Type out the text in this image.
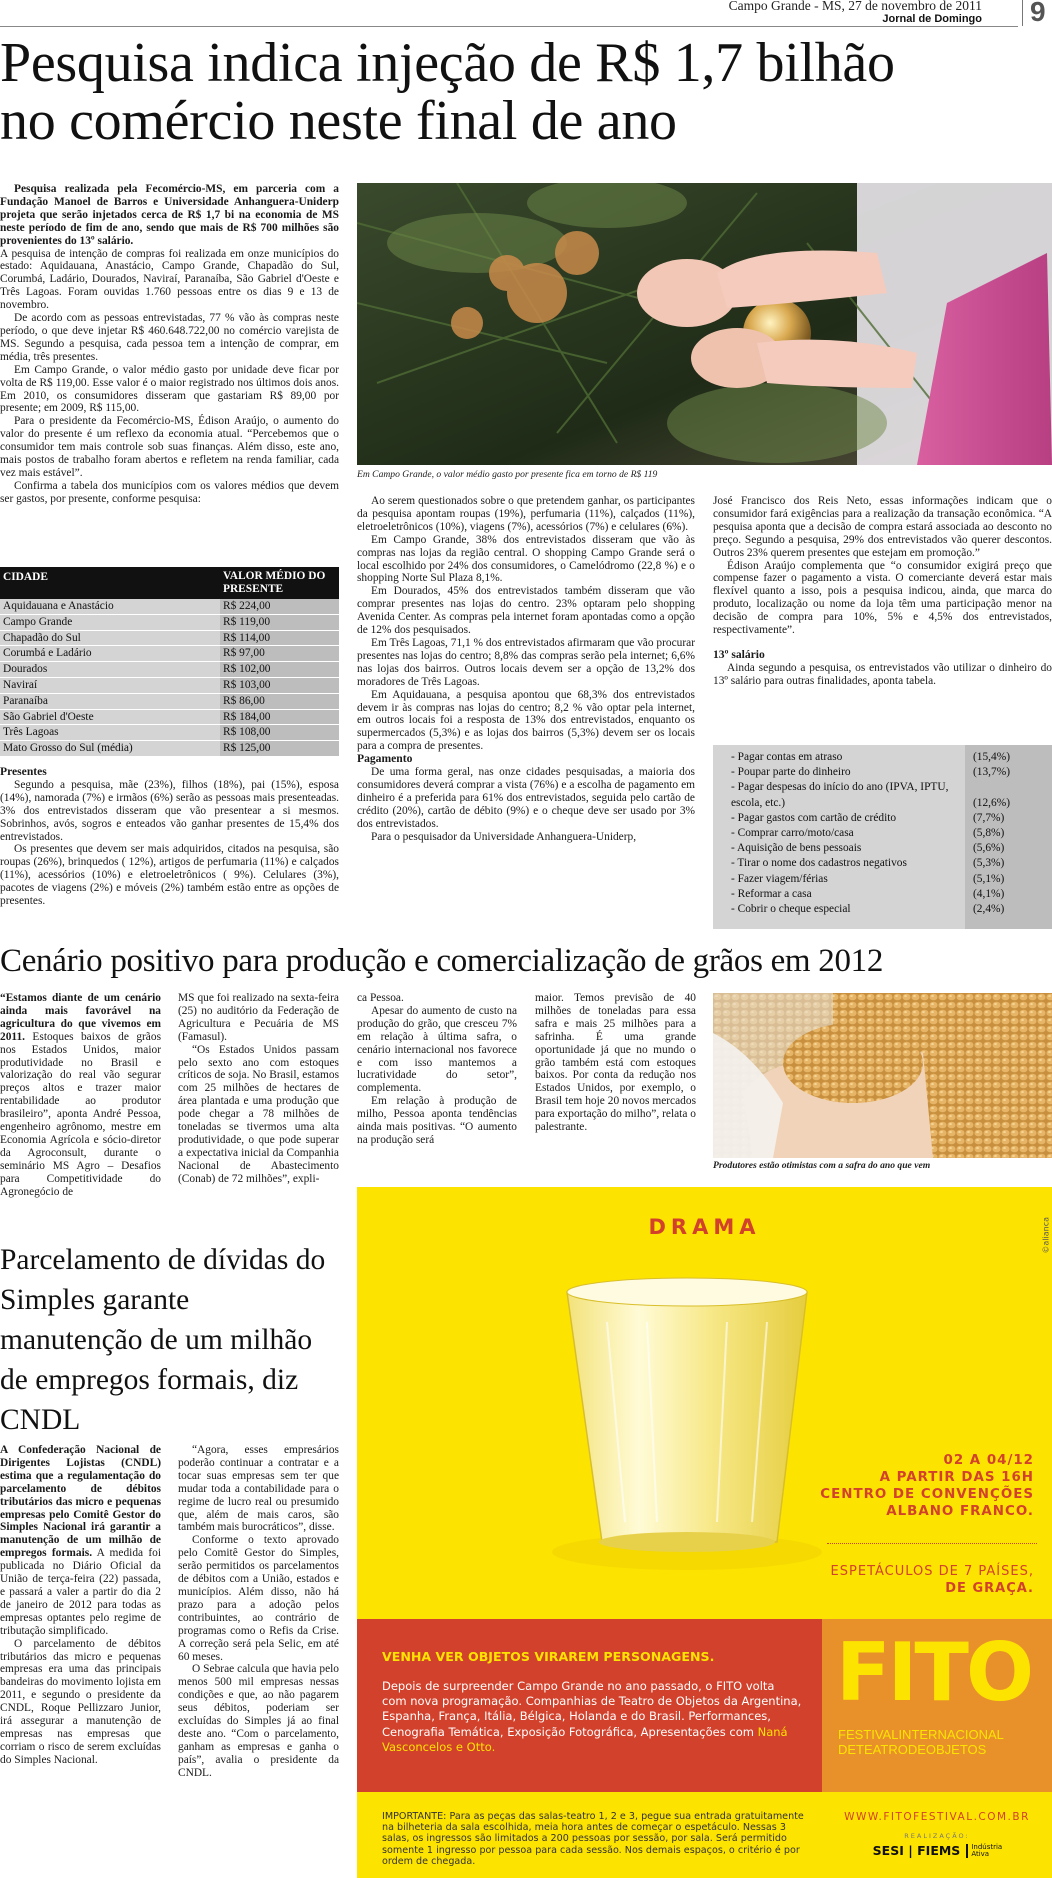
Campo Grande - MS, 27 de novembro de 2011
Jornal de Domingo 9
Pesquisa indica injeção de R$ 1,7 bilhão
no comércio neste final de ano

Pesquisa realizada pela Fecomércio-MS, em parceria com a Fundação Manoel de Barros e Universidade Anhanguera-Uniderp projeta que serão injetados cerca de R$ 1,7 bi na economia de MS neste período de fim de ano, sendo que mais de R$ 700 milhões são provenientes do 13º salário.

A pesquisa de intenção de compras foi realizada em onze municípios do estado: Aquidauana, Anastácio, Campo Grande, Chapadão do Sul, Corumbá, Ladário, Dourados, Naviraí, Paranaíba, São Gabriel d'Oeste e Três Lagoas. Foram ouvidas 1.760 pessoas entre os dias 9 e 13 de novembro.

De acordo com as pessoas entrevistadas, 77 % vão às compras neste período, o que deve injetar R$ 460.648.722,00 no comércio varejista de MS. Segundo a pesquisa, cada pessoa tem a intenção de comprar, em média, três presentes.

Em Campo Grande, o valor médio gasto por unidade deve ficar por volta de R$ 119,00. Esse valor é o maior registrado nos últimos dois anos. Em 2010, os consumidores disseram que gastariam R$ 89,00 por presente; em 2009, R$ 115,00.

Para o presidente da Fecomércio-MS, Édison Araújo, o aumento do valor do presente é um reflexo da economia atual. “Percebemos que o consumidor tem mais controle sob suas finanças. Além disso, este ano, mais postos de trabalho foram abertos e refletem na renda familiar, cada vez mais estável”.

Confirma a tabela dos municípios com os valores médios que devem ser gastos, por presente, conforme pesquisa:

CIDADE	VALOR MÉDIO DO PRESENTE
Aquidauana e Anastácio	R$ 224,00
Campo Grande	R$ 119,00
Chapadão do Sul	R$ 114,00
Corumbá e Ladário	R$ 97,00
Dourados	R$ 102,00
Naviraí	R$ 103,00
Paranaíba	R$ 86,00
São Gabriel d'Oeste	R$ 184,00
Três Lagoas	R$ 108,00
Mato Grosso do Sul (média)	R$ 125,00

Presentes

Segundo a pesquisa, mãe (23%), filhos (18%), pai (15%), esposa (14%), namorada (7%) e irmãos (6%) serão as pessoas mais presenteadas. 3% dos entrevistados disseram que vão presentear a si mesmos. Sobrinhos, avós, sogros e enteados vão ganhar presentes de 15,4% dos entrevistados.

Os presentes que devem ser mais adquiridos, citados na pesquisa, são roupas (26%), brinquedos ( 12%), artigos de perfumaria (11%) e calçados (11%), acessórios (10%) e eletroeletrônicos ( 9%). Celulares (3%), pacotes de viagens (2%) e móveis (2%) também estão entre as opções de presentes.

Em Campo Grande, o valor médio gasto por presente fica em torno de R$ 119

Ao serem questionados sobre o que pretendem ganhar, os participantes da pesquisa apontam roupas (19%), perfumaria (11%), calçados (11%), eletroeletrônicos (10%), viagens (7%), acessórios (7%) e celulares (6%).

Em Campo Grande, 38% dos entrevistados disseram que vão às compras nas lojas da região central. O shopping Campo Grande será o local escolhido por 24% dos consumidores, o Camelódromo (22,8 %) e o shopping Norte Sul Plaza 8,1%.

Em Dourados, 45% dos entrevistados também disseram que vão comprar presentes nas lojas do centro. 23% optaram pelo shopping Avenida Center. As compras pela internet foram apontadas como a opção de 12% dos pesquisados.

Em Três Lagoas, 71,1 % dos entrevistados afirmaram que vão procurar presentes nas lojas do centro; 8,8% das compras serão pela internet; 6,6% nas lojas dos bairros. Outros locais devem ser a opção de 13,2% dos moradores de Três Lagoas.

Em Aquidauana, a pesquisa apontou que 68,3% dos entrevistados devem ir às compras nas lojas do centro; 8,2 % vão optar pela internet, em outros locais foi a resposta de 13% dos entrevistados, enquanto os supermercados (5,3%) e as lojas dos bairros (5,3%) devem ser os locais para a compra de presentes.

Pagamento

De uma forma geral, nas onze cidades pesquisadas, a maioria dos consumidores deverá comprar a vista (76%) e a escolha de pagamento em dinheiro é a preferida para 61% dos entrevistados, seguida pelo cartão de crédito (20%), cartão de débito (9%) e o cheque deve ser usado por 3% dos entrevistados.

Para o pesquisador da Universidade Anhanguera-Uniderp,

José Francisco dos Reis Neto, essas informações indicam que o consumidor fará exigências para a realização da transação econômica. “A pesquisa aponta que a decisão de compra estará associada ao desconto no preço. Segundo a pesquisa, 29% dos entrevistados vão querer descontos. Outros 23% querem presentes que estejam em promoção.”

Édison Araújo complementa que “o consumidor exigirá preço que compense fazer o pagamento a vista. O comerciante deverá estar mais flexível quanto a isso, pois a pesquisa indicou, ainda, que marca do produto, localização ou nome da loja têm uma participação menor na decisão de compra para 10%, 5% e 4,5% dos entrevistados, respectivamente”.

13º salário

Ainda segundo a pesquisa, os entrevistados vão utilizar o dinheiro do 13º salário para outras finalidades, aponta tabela.

- Pagar contas em atraso	(15,4%)
- Poupar parte do dinheiro	(13,7%)
- Pagar despesas do início do ano (IPVA, IPTU, escola, etc.)	(12,6%)
- Pagar gastos com cartão de crédito	(7,7%)
- Comprar carro/moto/casa	(5,8%)
- Aquisição de bens pessoais	(5,6%)
- Tirar o nome dos cadastros negativos	(5,3%)
- Fazer viagem/férias	(5,1%)
- Reformar a casa	(4,1%)
- Cobrir o cheque especial	(2,4%)
Cenário positivo para produção e comercialização de grãos em 2012

“Estamos diante de um cenário ainda mais favorável na agricultura do que vivemos em 2011. Estoques baixos de grãos nos Estados Unidos, maior produtividade no Brasil e valorização do real vão segurar preços altos e trazer maior rentabilidade ao produtor brasileiro”, aponta André Pessoa, engenheiro agrônomo, mestre em Economia Agrícola e sócio-diretor da Agroconsult, durante o seminário MS Agro – Desafios para Competitividade do Agronegócio de

MS que foi realizado na sexta-feira (25) no auditório da Federação de Agricultura e Pecuária de MS (Famasul).

“Os Estados Unidos passam pelo sexto ano com estoques críticos de soja. No Brasil, estamos com 25 milhões de hectares de área plantada e uma produção que pode chegar a 78 milhões de toneladas se tivermos uma alta produtividade, o que pode superar a expectativa inicial da Companhia Nacional de Abastecimento (Conab) de 72 milhões”, expli-

ca Pessoa.

Apesar do aumento de custo na produção do grão, que cresceu 7% em relação à última safra, o cenário internacional nos favorece e com isso mantemos a lucratividade do setor”, complementa.

Em relação à produção de milho, Pessoa aponta tendências ainda mais positivas. “O aumento na produção será

maior. Temos previsão de 40 milhões de toneladas para essa safra e mais 25 milhões para a safrinha. É uma grande oportunidade já que no mundo o grão também está com estoques baixos. Por conta da redução nos Estados Unidos, por exemplo, o Brasil tem hoje 20 novos mercados para exportação do milho”, relata o palestrante.

Produtores estão otimistas com a safra do ano que vem
Parcelamento de dívidas do Simples garante manutenção de um milhão de empregos formais, diz CNDL

A Confederação Nacional de Dirigentes Lojistas (CNDL) estima que a regulamentação do parcelamento de débitos tributários das micro e pequenas empresas pelo Comitê Gestor do Simples Nacional irá garantir a manutenção de um milhão de empregos formais. A medida foi publicada no Diário Oficial da União de terça-feira (22) passada, e passará a valer a partir do dia 2 de janeiro de 2012 para todas as empresas optantes pelo regime de tributação simplificado.

O parcelamento de débitos tributários das micro e pequenas empresas era uma das principais bandeiras do movimento lojista em 2011, e segundo o presidente da CNDL, Roque Pellizzaro Junior, irá assegurar a manutenção de empresas nas empresas que corriam o risco de serem excluídas do Simples Nacional.

“Agora, esses empresários poderão continuar a contratar e a tocar suas empresas sem ter que mudar toda a contabilidade para o regime de lucro real ou presumido que, além de mais caros, são também mais burocráticos”, disse.

Conforme o texto aprovado pelo Comitê Gestor do Simples, serão permitidos os parcelamentos de débitos com a União, estados e municípios. Além disso, não há prazo para a adoção pelos contribuintes, ao contrário de programas como o Refis da Crise. A correção será pela Selic, em até 60 meses.

O Sebrae calcula que havia pelo menos 500 mil empresas nessas condições e que, ao não pagarem seus débitos, poderiam ser excluídas do Simples já ao final deste ano. “Com o parcelamento, ganham as empresas e ganha o país”, avalia o presidente da CNDL.

DRAMA	©alianca
02 A 04/12
A PARTIR DAS 16H
CENTRO DE CONVENÇÕES
ALBANO FRANCO.
ESPETÁCULOS DE 7 PAÍSES,
DE GRAÇA.
VENHA VER OBJETOS VIRAREM PERSONAGENS.
Depois de surpreender Campo Grande no ano passado, o FITO volta com nova programação. Companhias de Teatro de Objetos da Argentina, Espanha, França, Itália, Bélgica, Holanda e do Brasil. Performances, Cenografia Temática, Exposição Fotográfica, Apresentações com Naná Vasconcelos e Otto.
FITO
FESTIVALINTERNACIONAL
DETEATRODEOBJETOS
IMPORTANTE: Para as peças das salas-teatro 1, 2 e 3, pegue sua entrada gratuitamente na bilheteria da sala escolhida, meia hora antes de começar o espetáculo. Nessas 3 salas, os ingressos são limitados a 200 pessoas por sessão, por sala. Será permitido somente 1 ingresso por pessoa para cada sessão. Nos demais espaços, o critério é por ordem de chegada.
WWW.FITOFESTIVAL.COM.BR
REALIZAÇÃO:
SESI | FIEMS	Indústria Ativa
